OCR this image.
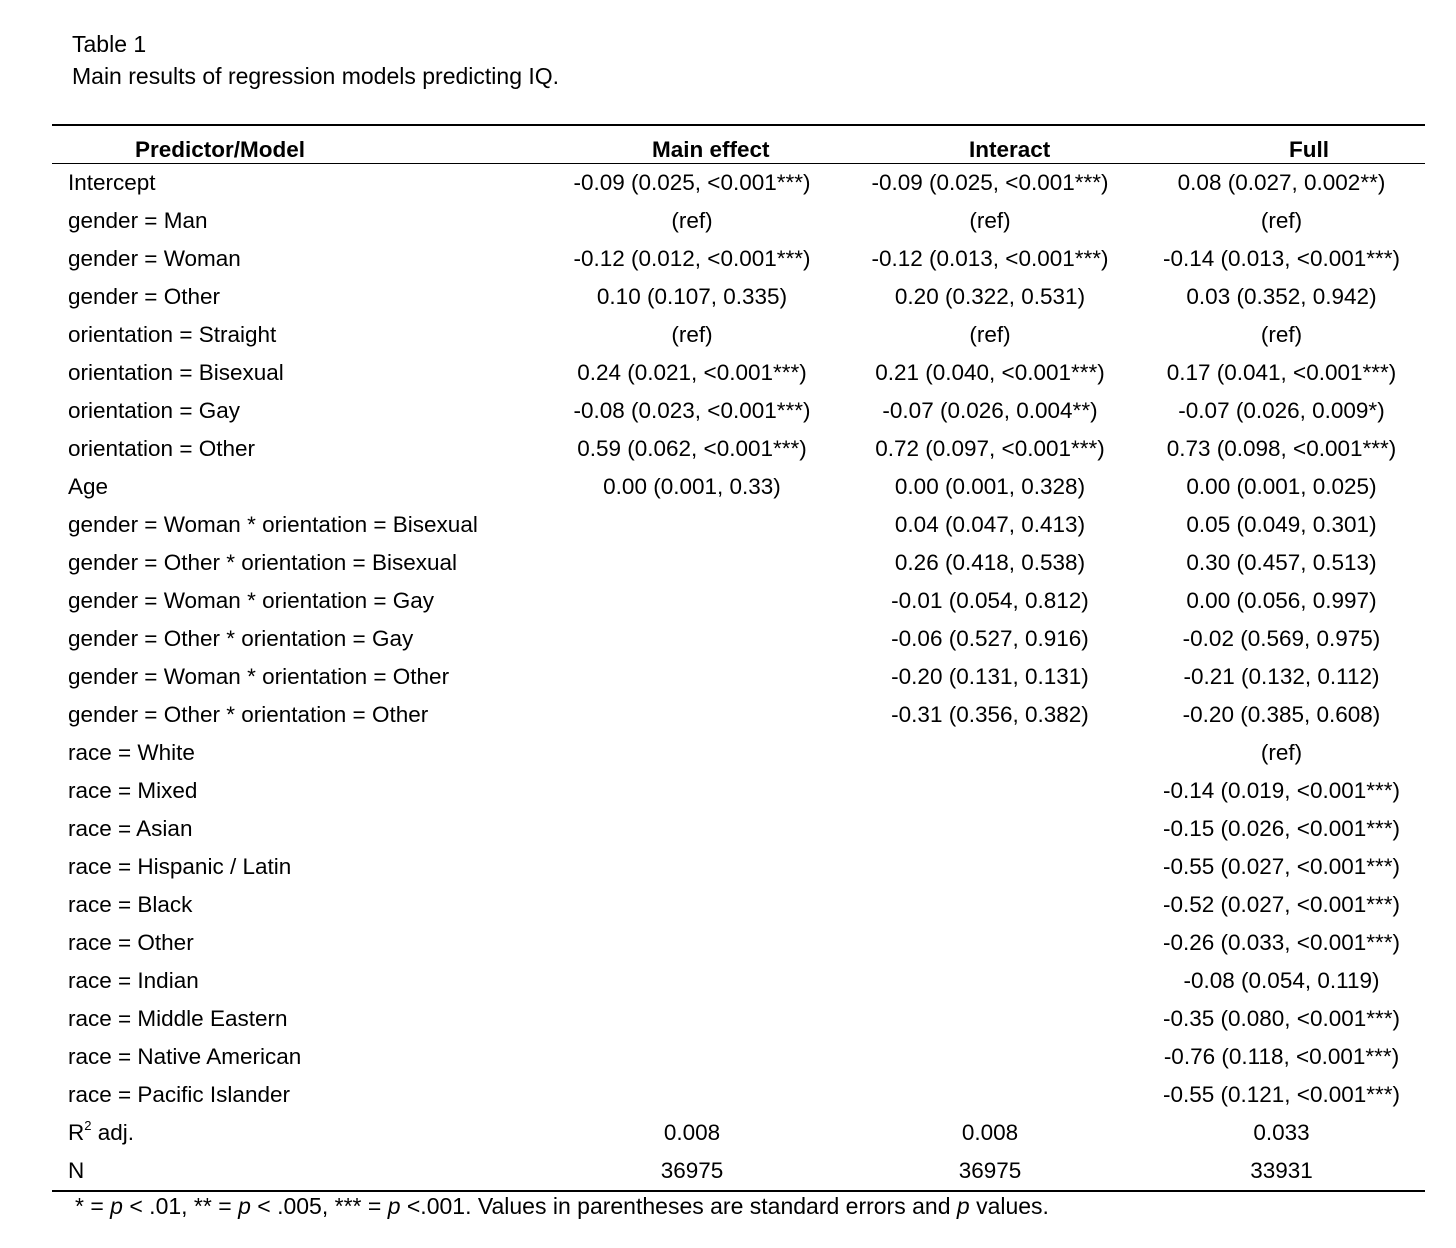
Table 1
Main results of regression models predicting IQ.
Predictor/Model	Main effect	Interact	Full
Intercept	-0.09 (0.025, <0.001***)	-0.09 (0.025, <0.001***)	0.08 (0.027, 0.002**)
gender = Man	(ref)	(ref)	(ref)
gender = Woman	-0.12 (0.012, <0.001***)	-0.12 (0.013, <0.001***)	-0.14 (0.013, <0.001***)
gender = Other	0.10 (0.107, 0.335)	0.20 (0.322, 0.531)	0.03 (0.352, 0.942)
orientation = Straight	(ref)	(ref)	(ref)
orientation = Bisexual	0.24 (0.021, <0.001***)	0.21 (0.040, <0.001***)	0.17 (0.041, <0.001***)
orientation = Gay	-0.08 (0.023, <0.001***)	-0.07 (0.026, 0.004**)	-0.07 (0.026, 0.009*)
orientation = Other	0.59 (0.062, <0.001***)	0.72 (0.097, <0.001***)	0.73 (0.098, <0.001***)
Age	0.00 (0.001, 0.33)	0.00 (0.001, 0.328)	0.00 (0.001, 0.025)
gender = Woman * orientation = Bisexual		0.04 (0.047, 0.413)	0.05 (0.049, 0.301)
gender = Other * orientation = Bisexual		0.26 (0.418, 0.538)	0.30 (0.457, 0.513)
gender = Woman * orientation = Gay		-0.01 (0.054, 0.812)	0.00 (0.056, 0.997)
gender = Other * orientation = Gay		-0.06 (0.527, 0.916)	-0.02 (0.569, 0.975)
gender = Woman * orientation = Other		-0.20 (0.131, 0.131)	-0.21 (0.132, 0.112)
gender = Other * orientation = Other		-0.31 (0.356, 0.382)	-0.20 (0.385, 0.608)
race = White			(ref)
race = Mixed			-0.14 (0.019, <0.001***)
race = Asian			-0.15 (0.026, <0.001***)
race = Hispanic / Latin			-0.55 (0.027, <0.001***)
race = Black			-0.52 (0.027, <0.001***)
race = Other			-0.26 (0.033, <0.001***)
race = Indian			-0.08 (0.054, 0.119)
race = Middle Eastern			-0.35 (0.080, <0.001***)
race = Native American			-0.76 (0.118, <0.001***)
race = Pacific Islander			-0.55 (0.121, <0.001***)
$R^2$ adj.	0.008	0.008	0.033
N	36975	36975	33931
* = p < .01, ** = p < .005, *** = p <.001. Values in parentheses are standard errors and p values.
